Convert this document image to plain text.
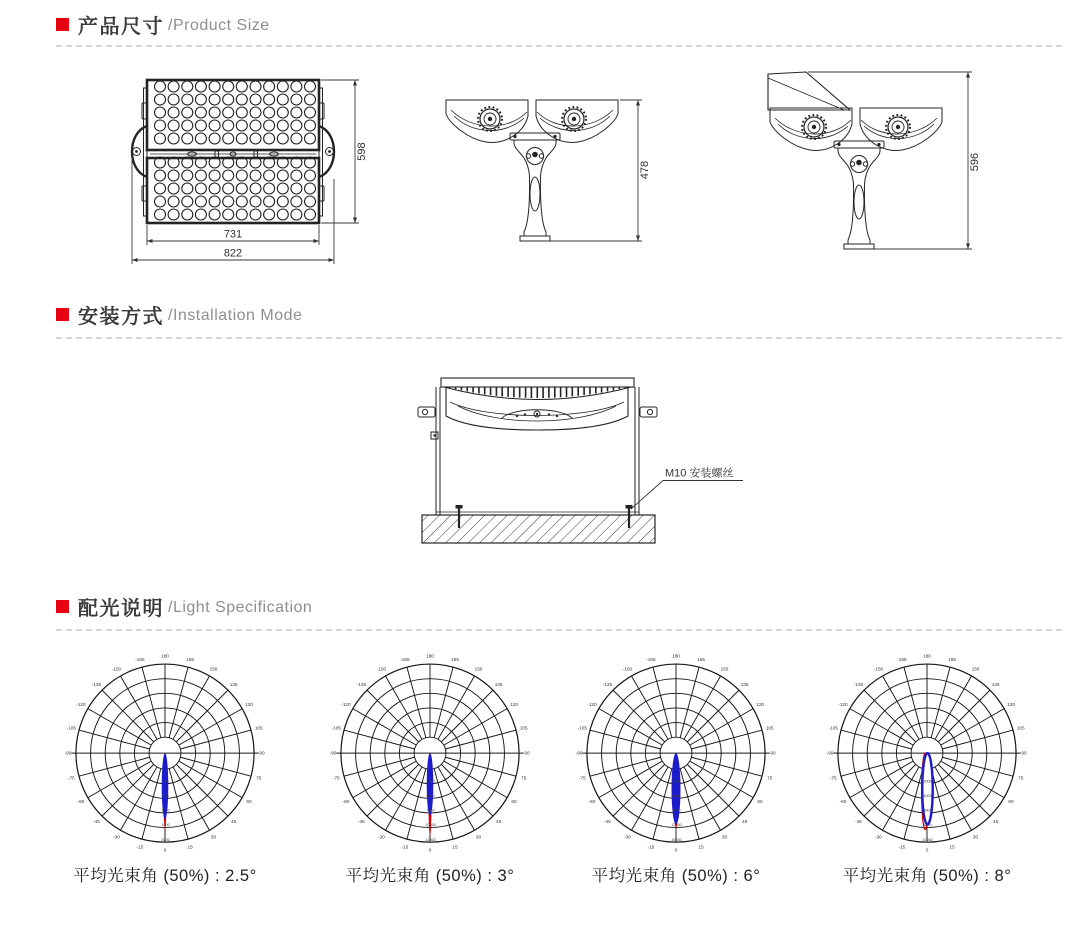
产品尺寸 /Product Size
598
731
822
478	596
安装方式 /Installation Mode
M10 安装螺丝
配光说明 /Light Specification
400
800
1200
1600
2000
-165
-150
-135
-120
-105
-90
-75
-60
-45
-30
-15
0
15
30
45
60
75
90
105
120
135
150
165
180
2500
5000
7500
10000
12500
-165
-150
-135
-120
-105
-90
-75
-60
-45
-30
-15
0
15
30
45
60
75
90
105
120
135
150
165
180
3000
6000
9000
12000
15000
-165
-150
-135
-120
-105
-90
-75
-60
-45
-30
-15
0
15
30
45
60
75
90
105
120
135
150
165
180
2000
4000
6000
8000
10000
-165
-150
-135
-120
-105
-90
-75
-60
-45
-30
-15
0
15
30
45
60
75
90
105
120
135
150
165
180
平均光束角 (50%) : 2.5°	平均光束角 (50%) : 3°	平均光束角 (50%) : 6°	平均光束角 (50%) : 8°
